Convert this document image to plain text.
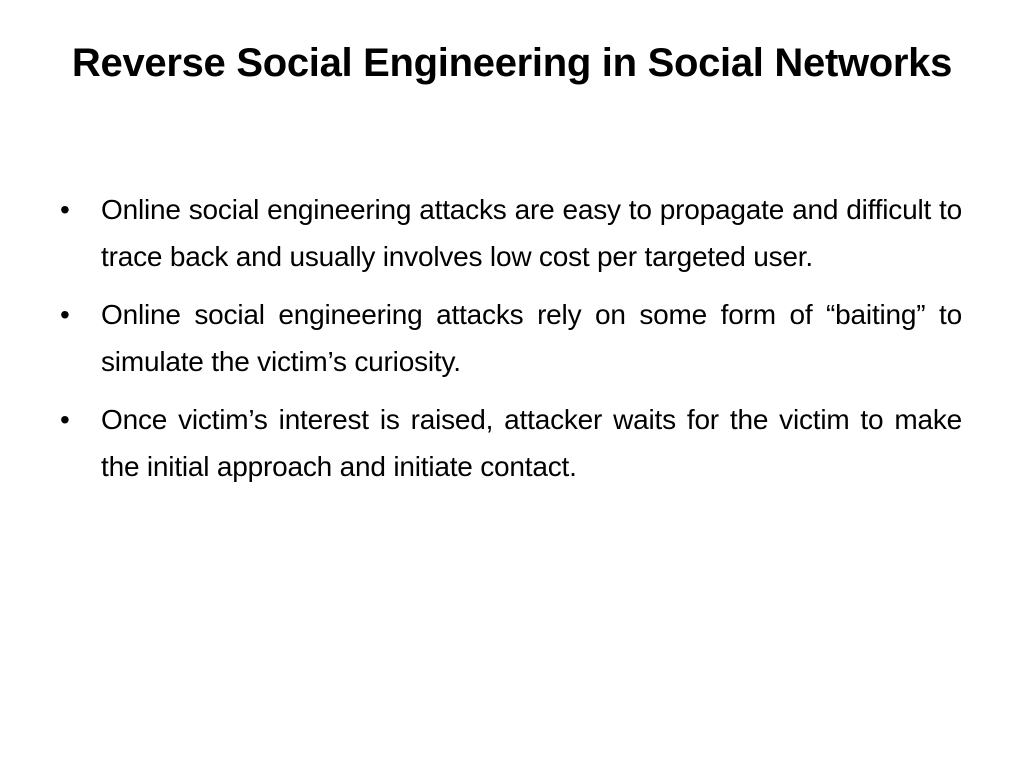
Reverse Social Engineering in Social Networks
•	Online social engineering attacks are easy to propagate and difficult to trace back and usually involves low cost per targeted user.
•	Online social engineering attacks rely on some form of “baiting” to simulate the victim’s curiosity.
•	Once victim’s interest is raised, attacker waits for the victim to make the initial approach and initiate contact.
